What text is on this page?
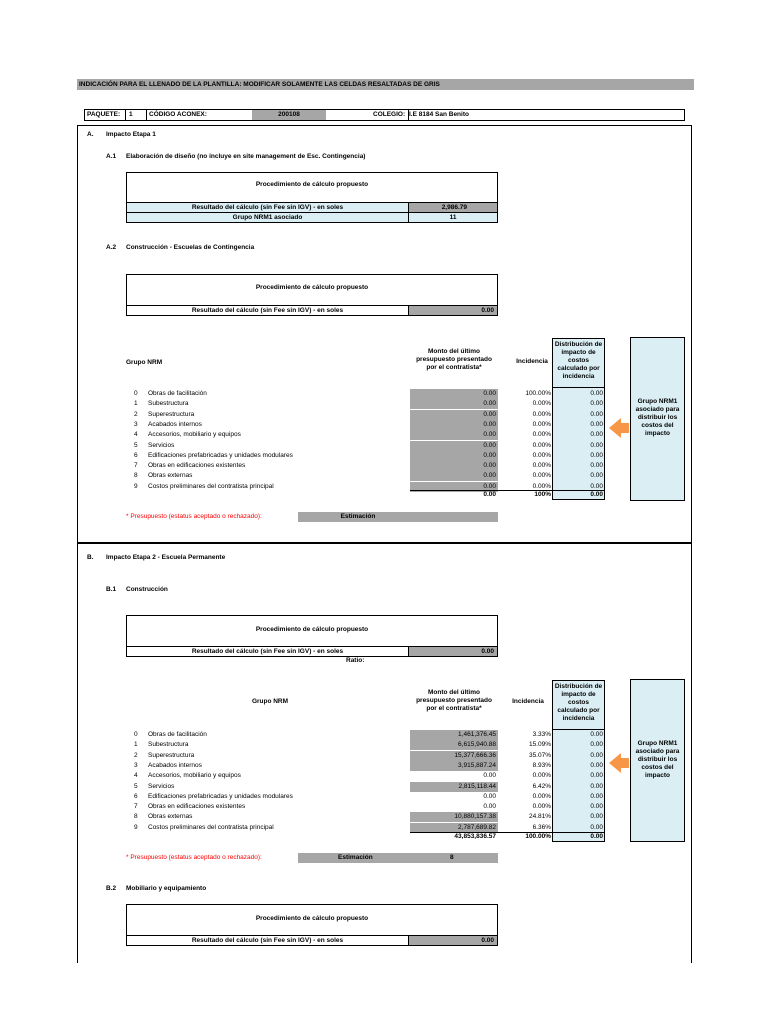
INDICACIÓN PARA EL LLENADO DE LA PLANTILLA: MODIFICAR SOLAMENTE LAS CELDAS RESALTADAS DE GRIS
PAQUETE: 1	CÓDIGO ACONEX:	200108	COLEGIO: I.E 8184 San Benito
A. Impacto Etapa 1
A.1 Elaboración de diseño (no incluye en site management de Esc. Contingencia)
Procedimiento de cálculo propuesto
Resultado del cálculo (sin Fee sin IGV) - en soles	2,986.79
Grupo NRM1 asociado	11
A.2 Construcción - Escuelas de Contingencia
Procedimiento de cálculo propuesto
Resultado del cálculo (sin Fee sin IGV) - en soles	0.00
Grupo NRM
Monto del último presupuesto presentado por el contratista*
Incidencia
Distribución de impacto de costos calculado por incidencia
0 Obras de facilitación	0.00	100.00%	0.00
1 Subestructura	0.00	0.00%	0.00
2 Superestructura	0.00	0.00%	0.00
3 Acabados internos	0.00	0.00%	0.00
4 Accesorios, mobiliario y equipos	0.00	0.00%	0.00
5 Servicios	0.00	0.00%	0.00
6 Edificaciones prefabricadas y unidades modulares	0.00	0.00%	0.00
7 Obras en edificaciones existentes	0.00	0.00%	0.00
8 Obras externas	0.00	0.00%	0.00
9 Costos preliminares del contratista principal	0.00	0.00%	0.00
0.00	100%	0.00
Grupo NRM1 asociado para distribuir los costos del impacto
* Presupuesto (estatus aceptado o rechazado):	Estimación
B. Impacto Etapa 2 - Escuela Permanente
B.1 Construcción
Procedimiento de cálculo propuesto
Resultado del cálculo (sin Fee sin IGV) - en soles	0.00
Ratio:
Grupo NRM
Monto del último presupuesto presentado por el contratista*
Incidencia
Distribución de impacto de costos calculado por incidencia
0 Obras de facilitación	1,461,376.45	3.33%	0.00
1 Subestructura	6,615,940.88	15.09%	0.00
2 Superestructura	15,377,666.36	35.07%	0.00
3 Acabados internos	3,915,887.24	8.93%	0.00
4 Accesorios, mobiliario y equipos	0.00	0.00%	0.00
5 Servicios	2,815,118.44	6.42%	0.00
6 Edificaciones prefabricadas y unidades modulares	0.00	0.00%	0.00
7 Obras en edificaciones existentes	0.00	0.00%	0.00
8 Obras externas	10,880,157.38	24.81%	0.00
9 Costos preliminares del contratista principal	2,787,689.82	6.36%	0.00
43,853,836.57	100.00%	0.00
Grupo NRM1 asociado para distribuir los costos del impacto
* Presupuesto (estatus aceptado o rechazado):	Estimación	8
B.2 Mobiliario y equipamiento
Procedimiento de cálculo propuesto
Resultado del cálculo (sin Fee sin IGV) - en soles	0.00
